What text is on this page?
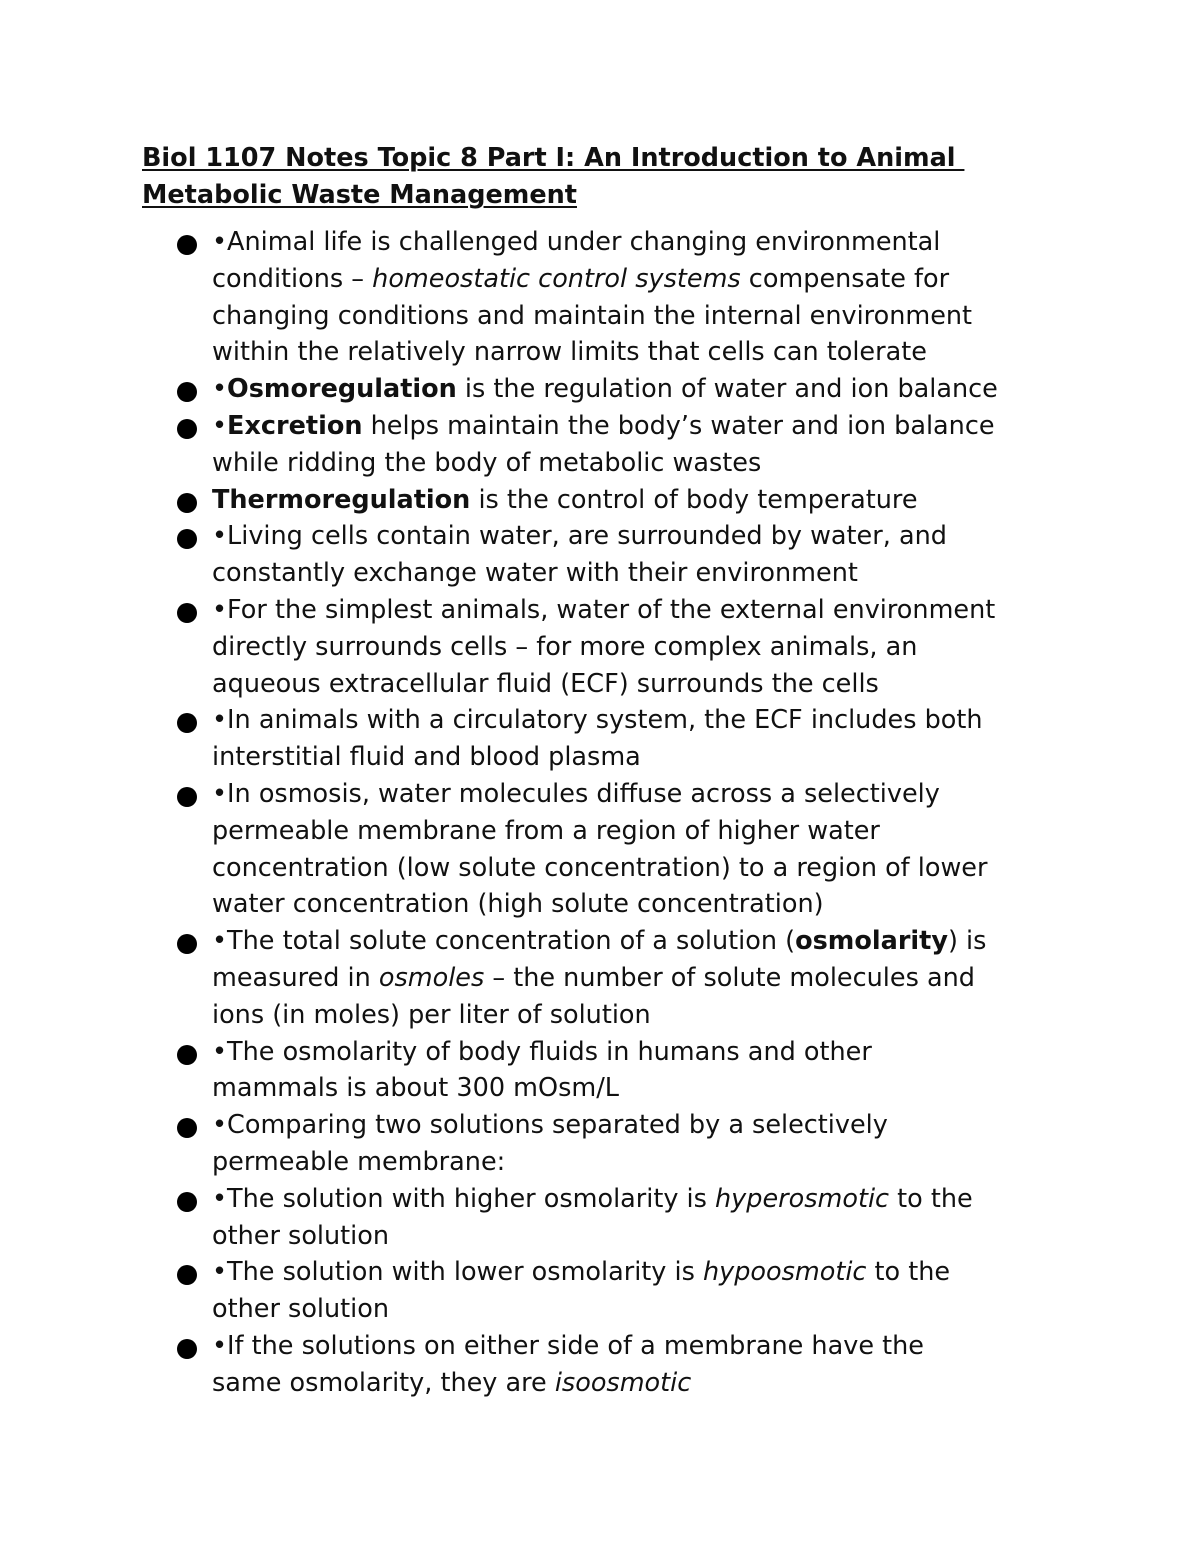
Biol 1107 Notes Topic 8 Part I: An Introduction to Animal
Metabolic Waste Management
•Animal life is challenged under changing environmental
conditions – homeostatic control systems compensate for
changing conditions and maintain the internal environment
within the relatively narrow limits that cells can tolerate
•Osmoregulation is the regulation of water and ion balance
•Excretion helps maintain the body’s water and ion balance
while ridding the body of metabolic wastes
Thermoregulation is the control of body temperature
•Living cells contain water, are surrounded by water, and
constantly exchange water with their environment
•For the simplest animals, water of the external environment
directly surrounds cells – for more complex animals, an
aqueous extracellular fluid (ECF) surrounds the cells
•In animals with a circulatory system, the ECF includes both
interstitial fluid and blood plasma
•In osmosis, water molecules diffuse across a selectively
permeable membrane from a region of higher water
concentration (low solute concentration) to a region of lower
water concentration (high solute concentration)
•The total solute concentration of a solution (osmolarity) is
measured in osmoles – the number of solute molecules and
ions (in moles) per liter of solution
•The osmolarity of body fluids in humans and other
mammals is about 300 mOsm/L
•Comparing two solutions separated by a selectively
permeable membrane:
•The solution with higher osmolarity is hyperosmotic to the
other solution
•The solution with lower osmolarity is hypoosmotic to the
other solution
•If the solutions on either side of a membrane have the
same osmolarity, they are isoosmotic
